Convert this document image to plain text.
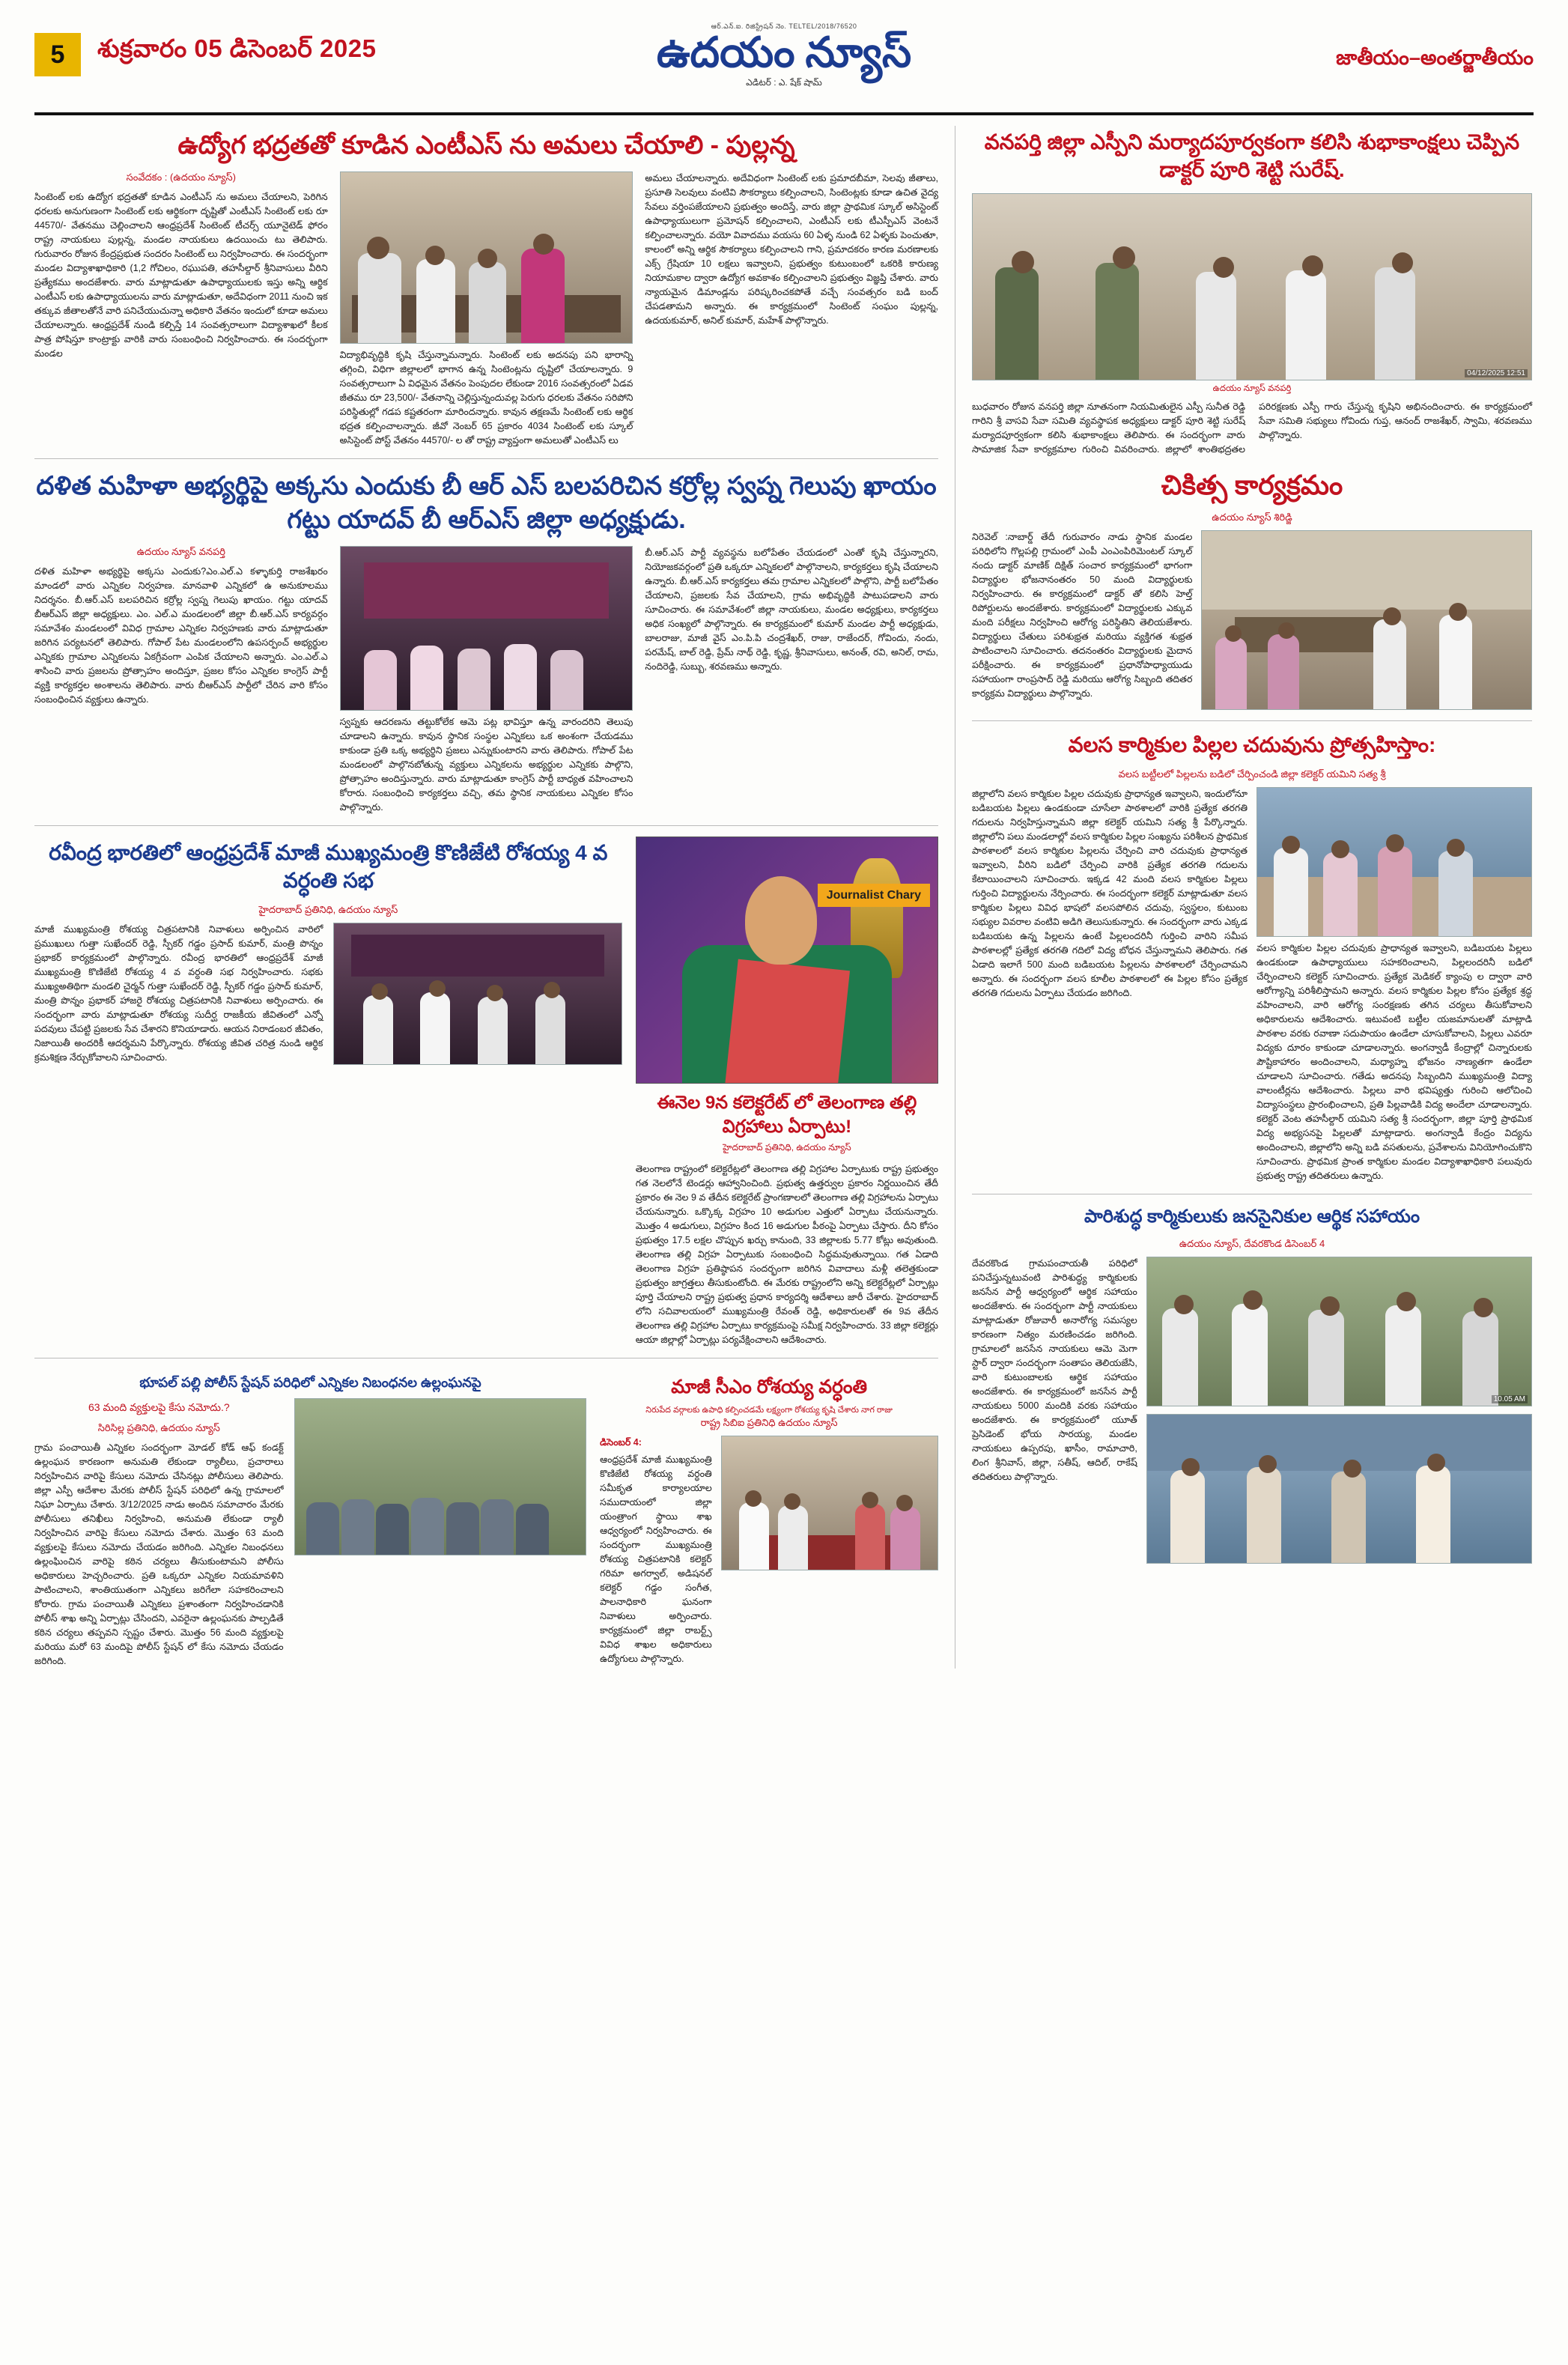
5	శుక్రవారం 05 డిసెంబర్ 2025
ఆర్.ఎన్.ఐ. రిజిస్ట్రేషన్ నెం. TELTEL/2018/76520
ఉదయం న్యూస్
ఎడిటర్ : ఎ. షేక్ షామ్
జాతీయం–అంతర్జాతీయం
ఉద్యోగ భద్రతతో కూడిన ఎంటీఎస్ ను అమలు చేయాలి - పుల్లన్న
సంవేదకం : (ఉదయం న్యూస్)
సింటెంట్ లకు ఉద్యోగ భద్రతతో కూడిన ఎంటీఎస్ ను అమలు చేయాలని, పెరిగిన ధరలకు అనుగుణంగా సింటెంట్ లకు ఆర్థికంగా దృష్టితో ఎంటీఎస్ సింటెంట్ లకు రూ 44570/- వేతనము చెల్లించాలని ఆంధ్రప్రదేశ్ సింటెంట్ టీచర్స్ యూనైటెడ్ ఫోరం రాష్ట్ర నాయకులు పుల్లన్న, మండల నాయకులు ఉదయించు టు తెలిపారు. గురువారం రోజున కేంద్రప్రభుత సందరం సింటెంట్ లు నిర్వహించారు. ఈ సందర్భంగా మండల విద్యాశాఖాధికారి (1,2 గోచిలం, రఘుపతి, తహసీల్దార్ శ్రీనివాసులు వీరిని ప్రత్యేకము అందజేశారు. వారు మాట్లాడుతూ ఉపాధ్యాయులకు ఇస్తు అన్ని ఆర్థిక ఎంటీఎస్ లకు ఉపాధ్యాయులను వారు మాట్లాడుతూ, అదేవిధంగా 2011 నుంచి ఇక తక్కువ జీతాలతోనే వారి పనిచేయుచున్నా అధికారి వేతనం ఇందులో కూడా అమలు చేయాలన్నారు. ఆంధ్రప్రదేశ్ నుండి కల్పిస్తే 14 సంవత్సరాలుగా విద్యాశాఖలో కీలక పాత్ర పోషిస్తూ కాంట్రాక్టు వారికి వారు సంబంధించి నిర్వహించారు. ఈ సందర్భంగా మండల	విద్యాభివృద్ధికి కృషి చేస్తున్నామన్నారు. సింటెంట్ లకు అదనపు పని భారాన్ని తగ్గించి, విధిగా జిల్లాలలో భాగాన ఉన్న సింటెంట్లను దృష్టిలో చేయాలన్నారు. 9 సంవత్సరాలుగా ఏ విధమైన వేతనం పెంపుదల లేకుండా 2016 సంవత్సరంలో ఏడవ జీతము రూ 23,500/- వేతనాన్ని చెల్లిస్తున్నందువల్ల పెరుగు ధరలకు వేతనం సరిపోని పరిస్థితుల్లో గడప కష్టతరంగా మారిందన్నారు. కావున తక్షణమే సింటెంట్ లకు ఆర్థిక భద్రత కల్పించాలన్నారు. జీవో నెంబర్ 65 ప్రకారం 4034 సింటెంట్ లకు స్కూల్ అసిస్టెంట్ పోస్ట్ వేతనం 44570/- ల తో రాష్ట్ర వ్యాప్తంగా అమలుతో ఎంటీఎస్ లు
అమలు చేయాలన్నారు. అదేవిధంగా సింటెంట్ లకు ప్రమాదబీమా, సెలవు జీతాలు, ప్రసూతి సెలవులు వంటివి సౌకర్యాలు కల్పించాలని, సింటెంట్లకు కూడా ఉచిత వైద్య సేవలు వర్తింపజేయాలని ప్రభుత్వం అందిస్తే, వారు జిల్లా ప్రాథమిక స్కూల్ అసిస్టెంట్ ఉపాధ్యాయులుగా ప్రమోషన్ కల్పించాలని, ఎంటీఎస్ లకు టీఎస్పీఎస్ వెంటనే కల్పించాలన్నారు. వయో వివాదము వయసు 60 ఏళ్ళ నుండి 62 ఏళ్ళకు పెంచుతూ, కాలంలో అన్ని ఆర్థిక సౌకర్యాలు కల్పించాలని గాని, ప్రమాదకరం కారణ మరణాలకు ఎక్స్ గ్రేషియా 10 లక్షలు ఇవ్వాలని, ప్రభుత్వం కుటుంబంలో ఒకరికి కారుణ్య నియామకాల ద్వారా ఉద్యోగ అవకాశం కల్పించాలని ప్రభుత్వం విజ్ఞప్తి చేశారు. వారు న్యాయమైన డిమాండ్లను పరిష్కరించకపోతే వచ్చే సంవత్సరం బడి బంద్ చేపడతామని అన్నారు. ఈ కార్యక్రమంలో సింటెంట్ సంఘం పుల్లన్న, ఉదయకుమార్, అనిల్ కుమార్, మహేశ్ పాల్గొన్నారు.
దళిత మహిళా అభ్యర్థిపై అక్కసు ఎందుకు బీ ఆర్ ఎస్ బలపరిచిన కర్రోల్ల స్వప్న గెలుపు ఖాయం గట్టు యాదవ్ బీ ఆర్ఎస్ జిల్లా అధ్యక్షుడు.
ఉదయం న్యూస్ వనపర్తి
దళిత మహిళా అభ్యర్థిపై అక్కసు ఎందుకు?ఎం.ఎల్.ఎ కళ్ళాకుర్తి రాజశేఖరం మాండలో వారు ఎన్నికల నిర్వహణ. మానవాళి ఎన్నికలో ఉ అనుకూలము నిదర్శనం. బీ.ఆర్.ఎస్ బలపరిచిన కర్రోల్ల స్వప్న గెలుపు ఖాయం. గట్టు యాదవ్ బీఆర్ఎస్ జిల్లా అధ్యక్షులు. ఎం. ఎల్.ఎ మండలంలో జిల్లా బీ.ఆర్.ఎస్ కార్యవర్గం సమావేశం మండలంలో వివిధ గ్రామాల ఎన్నికల నిర్వహణకు వారు మాట్లాడుతూ జరిగిన పర్యటనలో తెలిపారు. గోపాల్ పేట మండలంలోని ఉపసర్పంచ్ అభ్యర్థుల ఎన్నికకు గ్రామాల ఎన్నికలను ఏకగ్రీవంగా ఎంపిక చేయాలని అన్నారు. ఎం.ఎల్.ఎ శాసించి వారు ప్రజలను ప్రోత్సాహం అందిస్తూ, ప్రజల కోసం ఎన్నికల కాంగ్రెస్ పార్టీ వ్యక్తి కార్యకర్తల అంశాలను తెలిపారు. వారు బీఆర్ఎస్ పార్టీలో చేరిన వారి కోసం సంబంధించిన వ్యక్తులు ఉన్నారు.
స్వప్నకు ఆదరణను తట్టుకోలేక ఆమె పట్ల భావిస్తూ ఉన్న వారందరిని తెలుపు చూడాలని ఉన్నారు. కావున స్థానిక సంస్థల ఎన్నికలు ఒక అంశంగా చేయడము కాకుండా ప్రతి ఒక్క అభ్యర్థిని ప్రజలు ఎన్నుకుంటారని వారు తెలిపారు. గోపాల్ పేట మండలంలో పాల్గొనబోతున్న వ్యక్తులు ఎన్నికలను అభ్యర్థుల ఎన్నికకు పాల్గొని, ప్రోత్సాహం అందిస్తున్నారు. వారు మాట్లాడుతూ కాంగ్రెస్ పార్టీ బాధ్యత వహించాలని కోరారు. సంబంధించి కార్యకర్తలు వచ్చి, తమ స్థానిక నాయకులు ఎన్నికల కోసం పాల్గొన్నారు.
బీ.ఆర్.ఎస్ పార్టీ వ్యవస్థను బలోపేతం చేయడంలో ఎంతో కృషి చేస్తున్నారని, నియోజకవర్గంలో ప్రతి ఒక్కరూ ఎన్నికలలో పాల్గొనాలని, కార్యకర్తలు కృషి చేయాలని ఉన్నారు. బీ.ఆర్.ఎస్ కార్యకర్తలు తమ గ్రామాల ఎన్నికలలో పాల్గొని, పార్టీ బలోపేతం చేయాలని, ప్రజలకు సేవ చేయాలని, గ్రామ అభివృద్ధికి పాటుపడాలని వారు సూచించారు. ఈ సమావేశంలో జిల్లా నాయకులు, మండల అధ్యక్షులు, కార్యకర్తలు అధిక సంఖ్యలో పాల్గొన్నారు. ఈ కార్యక్రమంలో కుమార్ మండల పార్టీ అధ్యక్షుడు, బాలరాజు, మాజీ వైస్ ఎం.పి.పి చంద్రశేఖర్, రాజు, రాజేందర్, గోవిందు, నందు, పరమేష్, బాల్ రెడ్డి, ప్రేమ్ నాథ్ రెడ్డి, కృష్ణ, శ్రీనివాసులు, అనంత్, రవి, అనిల్, రామ, నందిరెడ్డి, సుబ్బు, శరవణము అన్నారు.
రవీంద్ర భారతిలో ఆంధ్రప్రదేశ్ మాజీ ముఖ్యమంత్రి కొణిజేటి రోశయ్య 4 వ వర్ధంతి సభ
హైదరాబాద్ ప్రతినిధి, ఉదయం న్యూస్
మాజీ ముఖ్యమంత్రి రోశయ్య చిత్రపటానికి నివాళులు అర్పించిన వారిలో ప్రముఖులు గుత్తా సుఖేందర్ రెడ్డి, స్పీకర్ గడ్డం ప్రసాద్ కుమార్, మంత్రి పొన్నం ప్రభాకర్ కార్యక్రమంలో పాల్గొన్నారు. రవీంద్ర భారతిలో ఆంధ్రప్రదేశ్ మాజీ ముఖ్యమంత్రి కొణిజేటి రోశయ్య 4 వ వర్ధంతి సభ నిర్వహించారు. సభకు ముఖ్యఅతిథిగా మండలి చైర్మన్ గుత్తా సుఖేందర్ రెడ్డి, స్పీకర్ గడ్డం ప్రసాద్ కుమార్, మంత్రి పొన్నం ప్రభాకర్ హాజరై రోశయ్య చిత్రపటానికి నివాళులు అర్పించారు. ఈ సందర్భంగా వారు మాట్లాడుతూ రోశయ్య సుదీర్ఘ రాజకీయ జీవితంలో ఎన్నో పదవులు చేపట్టి ప్రజలకు సేవ చేశారని కొనియాడారు. ఆయన నిరాడంబర జీవితం, నిజాయితీ అందరికీ ఆదర్శమని పేర్కొన్నారు. రోశయ్య జీవిత చరిత్ర నుండి ఆర్థిక క్రమశిక్షణ నేర్చుకోవాలని సూచించారు.
Journalist Chary
ఈనెల 9న కలెక్టరేట్ లో తెలంగాణ తల్లి విగ్రహాలు ఏర్పాటు!
హైదరాబాద్ ప్రతినిధి, ఉదయం న్యూస్
తెలంగాణ రాష్ట్రంలో కలెక్టరేట్లలో తెలంగాణ తల్లి విగ్రహాల ఏర్పాటుకు రాష్ట్ర ప్రభుత్వం గత నెలలోనే టెండర్లు ఆహ్వానించింది. ప్రభుత్వ ఉత్తర్వుల ప్రకారం నిర్ణయించిన తేదీ ప్రకారం ఈ నెల 9 వ తేదీన కలెక్టరేట్ ప్రాంగణాలలో తెలంగాణ తల్లి విగ్రహాలను ఏర్పాటు చేయనున్నారు. ఒక్కొక్క విగ్రహం 10 అడుగుల ఎత్తులో ఏర్పాటు చేయనున్నారు. మొత్తం 4 అడుగులు, విగ్రహం కింద 16 అడుగుల పీఠంపై ఏర్పాటు చేస్తారు. దీని కోసం ప్రభుత్వం 17.5 లక్షల చొప్పున ఖర్చు కానుంది, 33 జిల్లాలకు 5.77 కోట్లు అవుతుంది. తెలంగాణ తల్లి విగ్రహ ఏర్పాటుకు సంబంధించి సిద్ధమవుతున్నాయి. గత ఏడాది తెలంగాణ విగ్రహ ప్రతిష్ఠాపన సందర్భంగా జరిగిన వివాదాలు మళ్లీ తలెత్తకుండా ప్రభుత్వం జాగ్రత్తలు తీసుకుంటోంది. ఈ మేరకు రాష్ట్రంలోని అన్ని కలెక్టరేట్లలో ఏర్పాట్లు పూర్తి చేయాలని రాష్ట్ర ప్రభుత్వ ప్రధాన కార్యదర్శి ఆదేశాలు జారీ చేశారు. హైదరాబాద్ లోని సచివాలయంలో ముఖ్యమంత్రి రేవంత్ రెడ్డి, అధికారులతో ఈ 9వ తేదీన తెలంగాణ తల్లి విగ్రహాల ఏర్పాటు కార్యక్రమంపై సమీక్ష నిర్వహించారు. 33 జిల్లా కలెక్టర్లు ఆయా జిల్లాల్లో ఏర్పాట్లు పర్యవేక్షించాలని ఆదేశించారు.
భూపల్ పల్లి పోలీస్ స్టేషన్ పరిధిలో ఎన్నికల నిబంధనల ఉల్లంఘనపై
63 మంది వ్యక్తులపై కేసు నమోదు.?
సిరిసిల్ల ప్రతినిధి, ఉదయం న్యూస్
గ్రామ పంచాయితీ ఎన్నికల సందర్భంగా మోడల్ కోడ్ ఆఫ్ కండక్ట్ ఉల్లంఘన కారణంగా అనుమతి లేకుండా ర్యాలీలు, ప్రచారాలు నిర్వహించిన వారిపై కేసులు నమోదు చేసినట్లు పోలీసులు తెలిపారు. జిల్లా ఎస్పీ ఆదేశాల మేరకు పోలీస్ స్టేషన్ పరిధిలో ఉన్న గ్రామాలలో నిఘా ఏర్పాటు చేశారు. 3/12/2025 నాడు అందిన సమాచారం మేరకు పోలీసులు తనిఖీలు నిర్వహించి, అనుమతి లేకుండా ర్యాలీ నిర్వహించిన వారిపై కేసులు నమోదు చేశారు. మొత్తం 63 మంది వ్యక్తులపై కేసులు నమోదు చేయడం జరిగింది. ఎన్నికల నిబంధనలు ఉల్లంఘించిన వారిపై కఠిన చర్యలు తీసుకుంటామని పోలీసు అధికారులు హెచ్చరించారు. ప్రతి ఒక్కరూ ఎన్నికల నియమావళిని పాటించాలని, శాంతియుతంగా ఎన్నికలు జరిగేలా సహకరించాలని కోరారు. గ్రామ పంచాయితీ ఎన్నికలు ప్రశాంతంగా నిర్వహించడానికి పోలీస్ శాఖ అన్ని ఏర్పాట్లు చేసిందని, ఎవరైనా ఉల్లంఘనకు పాల్పడితే కఠిన చర్యలు తప్పవని స్పష్టం చేశారు. మొత్తం 56 మంది వ్యక్తులపై మరియు మరో 63 మందిపై పోలీస్ స్టేషన్ లో కేసు నమోదు చేయడం జరిగింది.
మాజీ సీఎం రోశయ్య వర్ధంతి
నిరుపేద వర్గాలకు ఉపాధి కల్పించడమే లక్ష్యంగా రోశయ్య కృషి చేశారు నాగ రాజు
రాష్ట్ర సిబిఐ ప్రతినిధి ఉదయం న్యూస్
డిసెంబర్ 4:
ఆంధ్రప్రదేశ్ మాజీ ముఖ్యమంత్రి కొణిజేటి రోశయ్య వర్ధంతి సమీకృత కార్యాలయాల సముదాయంలో జిల్లా యంత్రాంగ స్థాయి శాఖ ఆధ్వర్యంలో నిర్వహించారు. ఈ సందర్భంగా ముఖ్యమంత్రి రోశయ్య చిత్రపటానికి కలెక్టర్ గరిమా అగర్వాల్, అడిషనల్ కలెక్టర్ గడ్డం సంగీత, పాలనాధికారి ఘనంగా నివాళులు అర్పించారు. కార్యక్రమంలో జిల్లా రాబర్ట్స్ వివిధ శాఖల అధికారులు ఉద్యోగులు పాల్గొన్నారు.
వనపర్తి జిల్లా ఎస్పీని మర్యాదపూర్వకంగా కలిసి శుభాకాంక్షలు చెప్పిన డాక్టర్ పూరి శెట్టి సురేష్.
04/12/2025 12:51
ఉదయం న్యూస్ వనపర్తి
బుధవారం రోజున వనపర్తి జిల్లా నూతనంగా నియమితులైన ఎస్పీ సునీత రెడ్డి గారిని శ్రీ వాసవి సేవా సమితి వ్యవస్థాపక అధ్యక్షులు డాక్టర్ పూరి శెట్టి సురేష్ మర్యాదపూర్వకంగా కలిసి శుభాకాంక్షలు తెలిపారు. ఈ సందర్భంగా వారు సామాజిక సేవా కార్యక్రమాల గురించి వివరించారు. జిల్లాలో శాంతిభద్రతల పరిరక్షణకు ఎస్పీ గారు చేస్తున్న కృషిని అభినందించారు. ఈ కార్యక్రమంలో సేవా సమితి సభ్యులు గోవిందు గుప్త, ఆనంద్ రాజశేఖర్, స్వామి, శరవణము పాల్గొన్నారు.
చికిత్స కార్యక్రమం
ఉదయం న్యూస్ శిరిడ్జి
నిరెవెల్ :నాబార్డ్ తేదీ గురువారం నాడు స్థానిక మండల పరిధిలోని గొల్లపల్లి గ్రామంలో ఎంపీ ఎంఎంపిరిమెంటల్ స్కూల్ నందు డాక్టర్ మాణిక్ దిక్షిత్ సంచార కార్యక్రమంలో భాగంగా విద్యార్థుల భోజనానంతరం 50 మంది విద్యార్థులకు నిర్వహించారు. ఈ కార్యక్రమంలో డాక్టర్ తో కలిసి హెల్త్ రిపోర్టులను అందజేశారు. కార్యక్రమంలో విద్యార్థులకు ఎక్కువ మంది పరీక్షలు నిర్వహించి ఆరోగ్య పరిస్థితిని తెలియజేశారు. విద్యార్థులు చేతులు పరిశుభ్రత మరియు వ్యక్తిగత శుభ్రత పాటించాలని సూచించారు. తదనంతరం విద్యార్థులకు మైదాన పరీక్షించారు. ఈ కార్యక్రమంలో ప్రధానోపాధ్యాయుడు సహాయంగా రాంప్రసాద్ రెడ్డి మరియు ఆరోగ్య సిబ్బంది తదితర కార్యక్రమ విద్యార్థులు పాల్గొన్నారు.
వలస కార్మికుల పిల్లల చదువును ప్రోత్సహిస్తాం:
వలస బట్టీలలో పిల్లలను బడిలో చేర్పించండి జిల్లా కలెక్టర్ యమిని సత్య శ్రీ
జిల్లాలోని వలస కార్మికుల పిల్లల చదువుకు ప్రాధాన్యత ఇవ్వాలని, ఇందులోనూ బడిబయట పిల్లలు ఉండకుండా చూసేలా పాఠశాలలో వారికి ప్రత్యేక తరగతి గదులను నిర్వహిస్తున్నామని జిల్లా కలెక్టర్ యమిని సత్య శ్రీ పేర్కొన్నారు. జిల్లాలోని పలు మండలాల్లో వలస కార్మికుల పిల్లల సంఖ్యను పరిశీలన ప్రాథమిక పాఠశాలలో వలస కార్మికుల పిల్లలను చేర్పించి వారి చదువుకు ప్రాధాన్యత ఇవ్వాలని, వీరిని బడిలో చేర్పించి వారికి ప్రత్యేక తరగతి గదులను కేటాయించాలని సూచించారు. ఇక్కడ 42 మంది వలస కార్మికుల పిల్లలు గుర్తించి విద్యార్థులను నేర్పించారు. ఈ సందర్భంగా కలెక్టర్ మాట్లాడుతూ వలస కార్మికుల పిల్లలు వివిధ భాషలో వలసపోలిన చదువు, స్వస్థలం, కుటుంబ సభ్యుల వివరాల వంటివి అడిగి తెలుసుకున్నారు. ఈ సందర్భంగా వారు ఎక్కడ బడిబయట ఉన్న పిల్లలను ఉంటే పిల్లలందరినీ గుర్తించి వారిని సమీప పాఠశాలల్లో ప్రత్యేక తరగతి గదిలో విద్య బోధన చేస్తున్నామని తెలిపారు. గత ఏడాది ఇలాగే 500 మంది బడిబయట పిల్లలను పాఠశాలలో చేర్పించామని అన్నారు. ఈ సందర్భంగా వలస కూలీల పాఠశాలలో ఈ పిల్లల కోసం ప్రత్యేక తరగతి గదులను ఏర్పాటు చేయడం జరిగింది.
వలస కార్మికుల పిల్లల చదువుకు ప్రాధాన్యత ఇవ్వాలని, బడిబయట పిల్లలు ఉండకుండా ఉపాధ్యాయులు సహకరించాలని, పిల్లలందరినీ బడిలో చేర్పించాలని కలెక్టర్ సూచించారు. ప్రత్యేక మెడికల్ క్యాంపు ల ద్వారా వారి ఆరోగ్యాన్ని పరిశీలిస్తామని అన్నారు. వలస కార్మికుల పిల్లల కోసం ప్రత్యేక శ్రద్ధ వహించాలని, వారి ఆరోగ్య సంరక్షణకు తగిన చర్యలు తీసుకోవాలని అధికారులను ఆదేశించారు. ఇటువంటి బట్టీల యజమానులతో మాట్లాడి పాఠశాల వరకు రవాణా సదుపాయం ఉండేలా చూసుకోవాలని, పిల్లలు ఎవరూ విద్యకు దూరం కాకుండా చూడాలన్నారు. అంగన్వాడీ కేంద్రాల్లో చిన్నారులకు పౌష్టికాహారం అందించాలని, మధ్యాహ్న భోజనం నాణ్యతగా ఉండేలా చూడాలని సూచించారు. గతేడు అదనపు సిబ్బందిని ముఖ్యమంత్రి విద్యా వాలంటీర్లను ఆదేశించారు. పిల్లలు వారి భవిష్యత్తు గురించి ఆలోచించి విద్యాసంస్థలు ప్రారంభించాలని, ప్రతి పిల్లవాడికి విద్య అందేలా చూడాలన్నారు. కలెక్టర్ వెంట తహసీల్దార్ యమిని సత్య శ్రీ సందర్భంగా, జిల్లా పూర్తి ప్రాథమిక విద్య అభ్యసనపై పిల్లలతో మాట్లాడారు. అంగన్వాడీ కేంద్రం విద్యను అందించాలని, జిల్లాలోని అన్ని బడి వసతులను, ప్రవేశాలను వినియోగించుకొని సూచించారు. ప్రాథమిక ప్రాంత కార్మికుల మండల విద్యాశాఖాధికారి పలువురు ప్రభుత్వ రాష్ట్ర తదితరులు ఉన్నారు.
పారిశుద్ధ కార్మికులుకు జనసైనికుల ఆర్థిక సహాయం
ఉదయం న్యూస్, దేవరకొండ డిసెంబర్ 4
దేవరకొండ గ్రామపంచాయతీ పరిధిలో పనిచేస్తున్నటువంటి పారిశుద్ధ్య కార్మికులకు జనసేన పార్టీ ఆధ్వర్యంలో ఆర్థిక సహాయం అందజేశారు. ఈ సందర్భంగా పార్టీ నాయకులు మాట్లాడుతూ రోజువారీ అనారోగ్య సమస్యల కారణంగా నిత్యం మరణించడం జరిగింది. గ్రామాలలో జనసేన నాయకులు ఆమె మెగా స్టార్ ద్వారా సందర్భంగా సంతాపం తెలియజేసి, వారి కుటుంబాలకు ఆర్థిక సహాయం అందజేశారు. ఈ కార్యక్రమంలో జనసేన పార్టీ నాయకులు 5000 మందికి వరకు సహాయం అందజేశారు. ఈ కార్యక్రమంలో యూత్ ప్రెసిడెంట్ భోయ సారయ్య, మండల నాయకులు ఉప్పరపు, ఖాసీం, రామాచారి, లింగ శ్రీనివాస్, జిల్లా, సతీష్, ఆదిల్, రాకేష్ తదితరులు పాల్గొన్నారు.
10.05 AM
